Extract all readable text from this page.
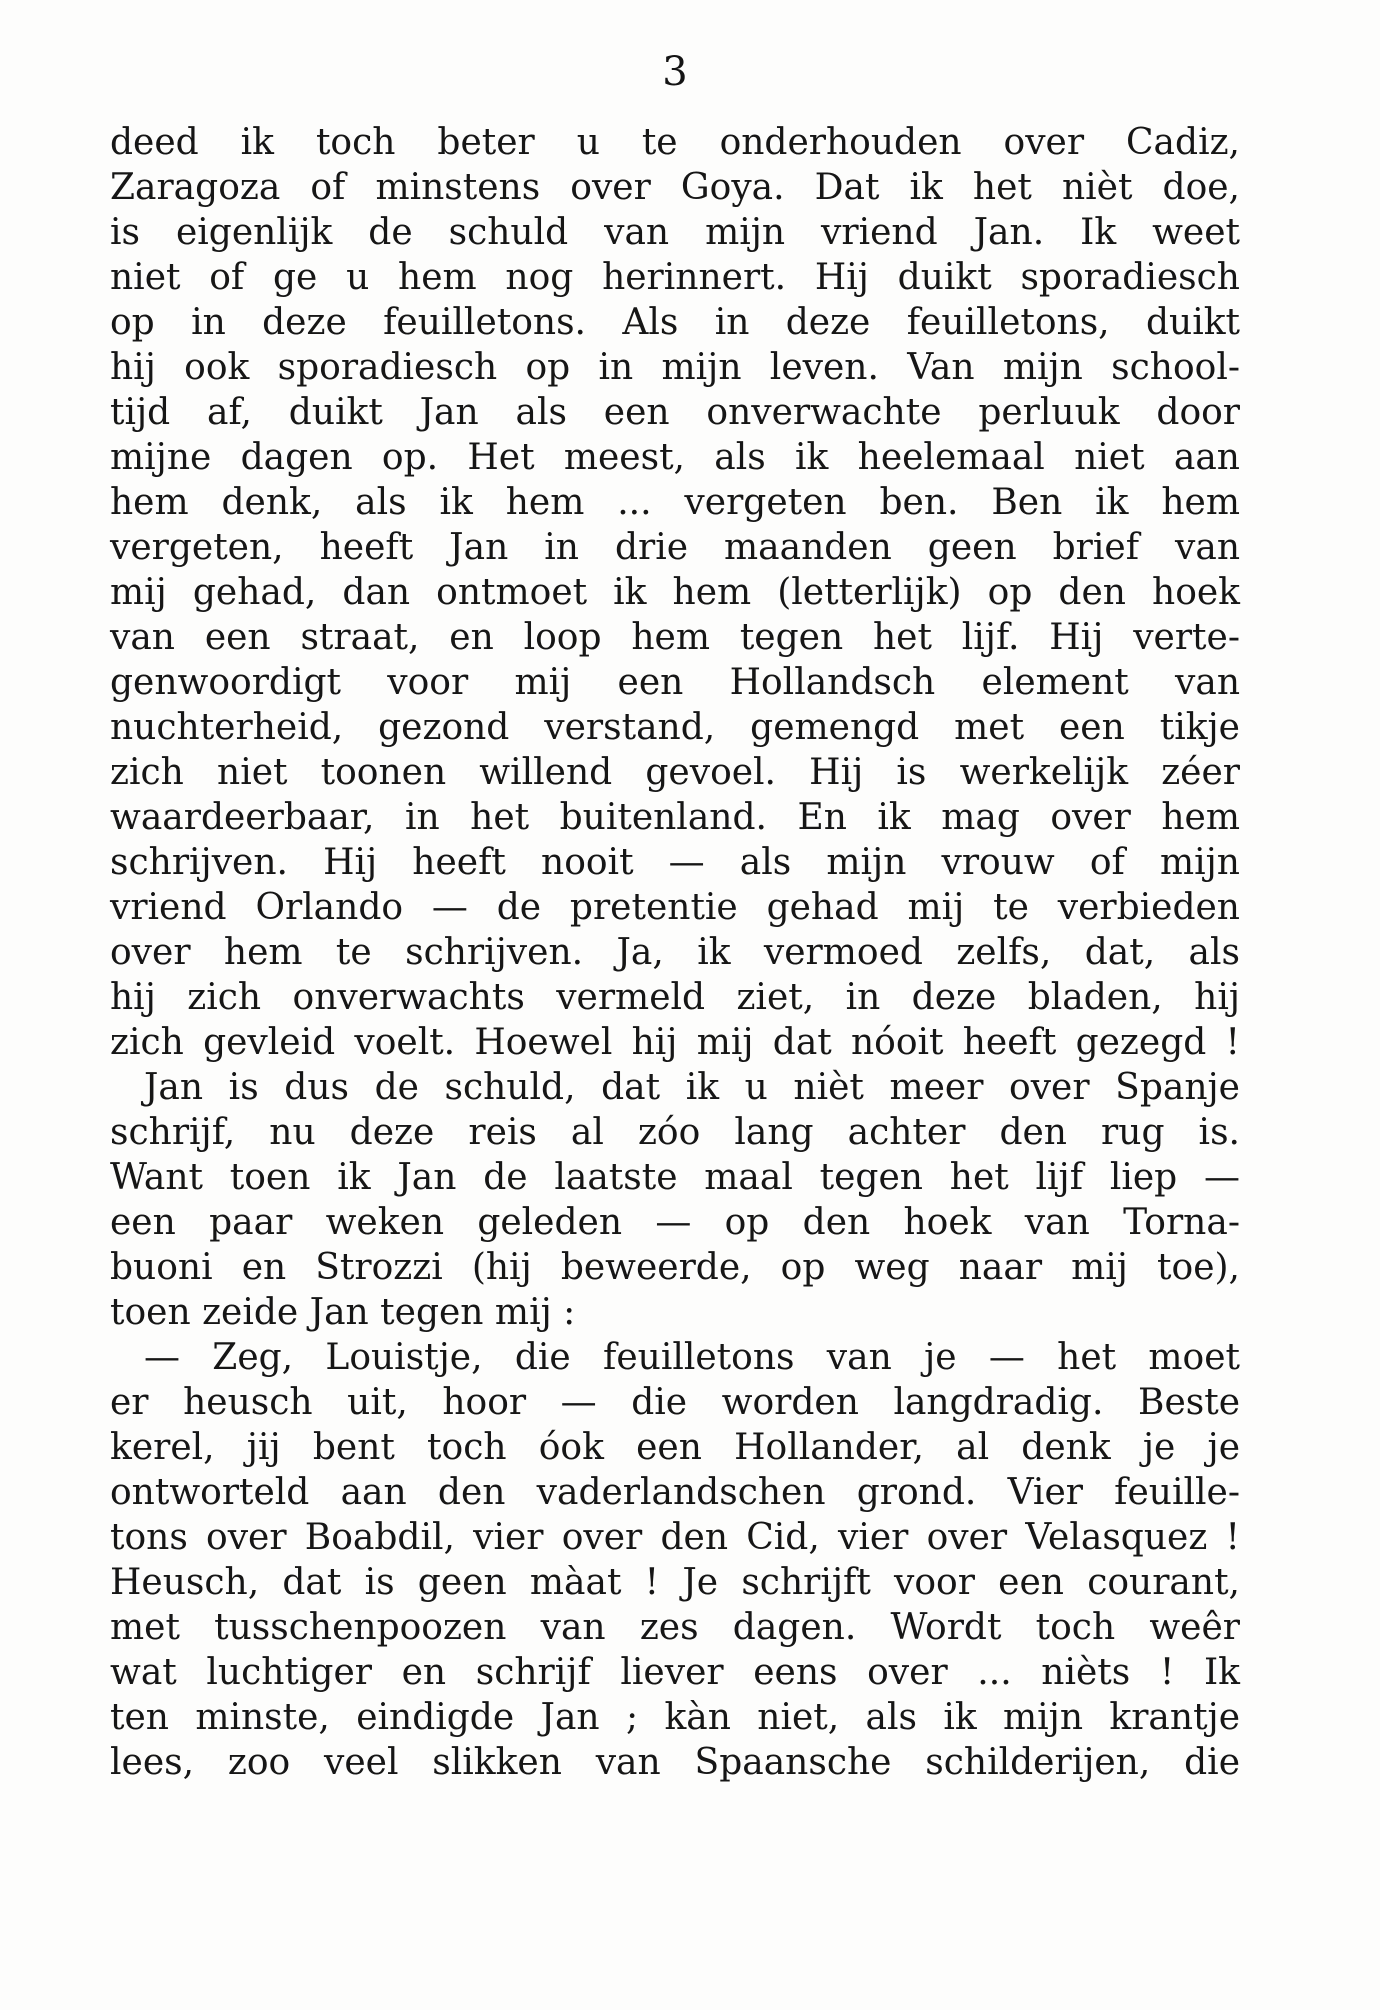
3
deed ik toch beter u te onderhouden over Cadiz,
Zaragoza of minstens over Goya. Dat ik het nièt doe,
is eigenlijk de schuld van mijn vriend Jan. Ik weet
niet of ge u hem nog herinnert. Hij duikt sporadiesch
op in deze feuilletons. Als in deze feuilletons, duikt
hij ook sporadiesch op in mijn leven. Van mijn school-
tijd af, duikt Jan als een onverwachte perluuk door
mijne dagen op. Het meest, als ik heelemaal niet aan
hem denk, als ik hem ... vergeten ben. Ben ik hem
vergeten, heeft Jan in drie maanden geen brief van
mij gehad, dan ontmoet ik hem (letterlijk) op den hoek
van een straat, en loop hem tegen het lijf. Hij verte-
genwoordigt voor mij een Hollandsch element van
nuchterheid, gezond verstand, gemengd met een tikje
zich niet toonen willend gevoel. Hij is werkelijk zéer
waardeerbaar, in het buitenland. En ik mag over hem
schrijven. Hij heeft nooit — als mijn vrouw of mijn
vriend Orlando — de pretentie gehad mij te verbieden
over hem te schrijven. Ja, ik vermoed zelfs, dat, als
hij zich onverwachts vermeld ziet, in deze bladen, hij
zich gevleid voelt. Hoewel hij mij dat nóoit heeft gezegd !
Jan is dus de schuld, dat ik u nièt meer over Spanje
schrijf, nu deze reis al zóo lang achter den rug is.
Want toen ik Jan de laatste maal tegen het lijf liep —
een paar weken geleden — op den hoek van Torna-
buoni en Strozzi (hij beweerde, op weg naar mij toe),
toen zeide Jan tegen mij :
— Zeg, Louistje, die feuilletons van je — het moet
er heusch uit, hoor — die worden langdradig. Beste
kerel, jij bent toch óok een Hollander, al denk je je
ontworteld aan den vaderlandschen grond. Vier feuille-
tons over Boabdil, vier over den Cid, vier over Velasquez !
Heusch, dat is geen màat ! Je schrijft voor een courant,
met tusschenpoozen van zes dagen. Wordt toch weêr
wat luchtiger en schrijf liever eens over ... nièts ! Ik
ten minste, eindigde Jan ; kàn niet, als ik mijn krantje
lees, zoo veel slikken van Spaansche schilderijen, die
